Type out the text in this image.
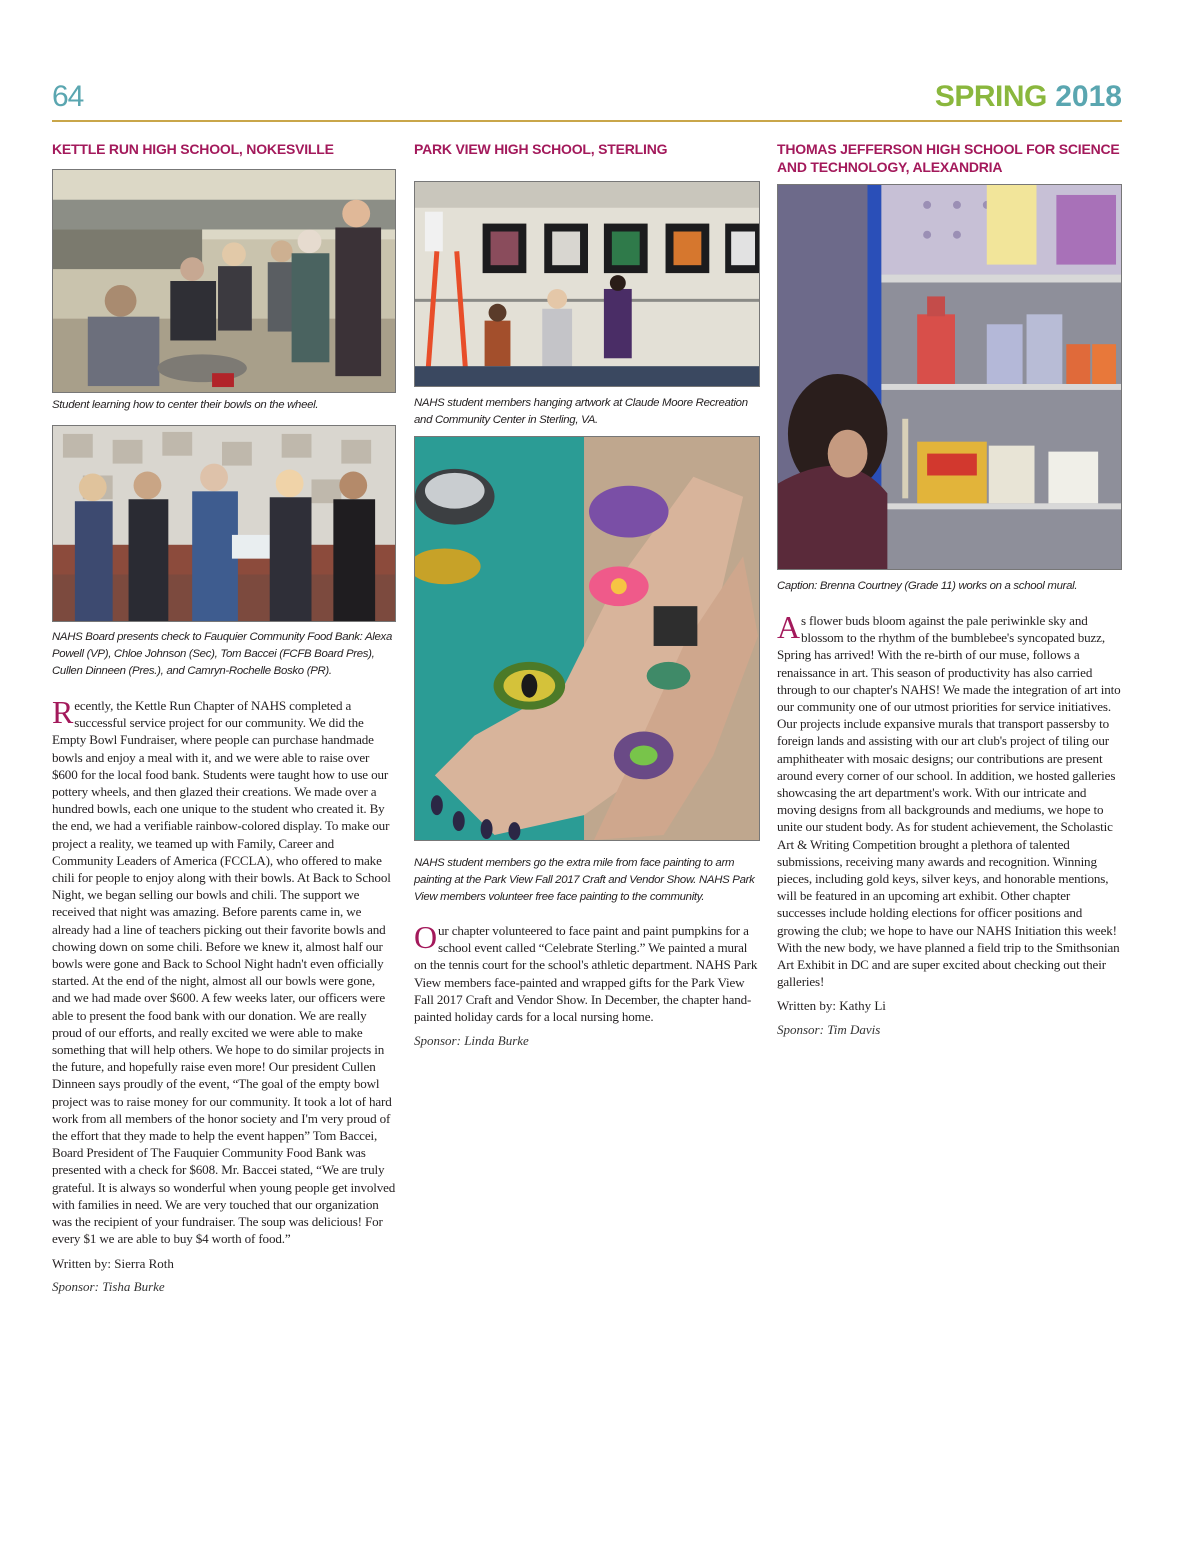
64	SPRING 2018
KETTLE RUN HIGH SCHOOL, NOKESVILLE

Student learning how to center their bowls on the wheel.

NAHS Board presents check to Fauquier Community Food Bank: Alexa Powell (VP), Chloe Johnson (Sec), Tom Baccei (FCFB Board Pres), Cullen Dinneen (Pres.), and Camryn-Rochelle Bosko (PR).

Recently, the Kettle Run Chapter of NAHS completed a successful service project for our community. We did the Empty Bowl Fundraiser, where people can purchase handmade bowls and enjoy a meal with it, and we were able to raise over $600 for the local food bank. Students were taught how to use our pottery wheels, and then glazed their creations. We made over a hundred bowls, each one unique to the student who created it. By the end, we had a verifiable rainbow-colored display. To make our project a reality, we teamed up with Family, Career and Community Leaders of America (FCCLA), who offered to make chili for people to enjoy along with their bowls. At Back to School Night, we began selling our bowls and chili. The support we received that night was amazing. Before parents came in, we already had a line of teachers picking out their favorite bowls and chowing down on some chili. Before we knew it, almost half our bowls were gone and Back to School Night hadn't even officially started. At the end of the night, almost all our bowls were gone, and we had made over $600. A few weeks later, our officers were able to present the food bank with our donation. We are really proud of our efforts, and really excited we were able to make something that will help others. We hope to do similar projects in the future, and hopefully raise even more! Our president Cullen Dinneen says proudly of the event, “The goal of the empty bowl project was to raise money for our community. It took a lot of hard work from all members of the honor society and I'm very proud of the effort that they made to help the event happen” Tom Baccei, Board President of The Fauquier Community Food Bank was presented with a check for $608. Mr. Baccei stated, “We are truly grateful. It is always so wonderful when young people get involved with families in need. We are very touched that our organization was the recipient of your fundraiser. The soup was delicious! For every $1 we are able to buy $4 worth of food.”

Written by: Sierra Roth

Sponsor: Tisha Burke

PARK VIEW HIGH SCHOOL, STERLING

NAHS student members hanging artwork at Claude Moore Recreation and Community Center in Sterling, VA.

NAHS student members go the extra mile from face painting to arm painting at the Park View Fall 2017 Craft and Vendor Show. NAHS Park View members volunteer free face painting to the community.

Our chapter volunteered to face paint and paint pumpkins for a school event called “Celebrate Sterling.” We painted a mural on the tennis court for the school's athletic department. NAHS Park View members face-painted and wrapped gifts for the Park View Fall 2017 Craft and Vendor Show. In December, the chapter hand-painted holiday cards for a local nursing home.

Sponsor: Linda Burke

THOMAS JEFFERSON HIGH SCHOOL FOR SCIENCE AND TECHNOLOGY, ALEXANDRIA

Caption: Brenna Courtney (Grade 11) works on a school mural.

As flower buds bloom against the pale periwinkle sky and blossom to the rhythm of the bumblebee's syncopated buzz, Spring has arrived! With the re-birth of our muse, follows a renaissance in art. This season of productivity has also carried through to our chapter's NAHS! We made the integration of art into our community one of our utmost priorities for service initiatives. Our projects include expansive murals that transport passersby to foreign lands and assisting with our art club's project of tiling our amphitheater with mosaic designs; our contributions are present around every corner of our school. In addition, we hosted galleries showcasing the art department's work. With our intricate and moving designs from all backgrounds and mediums, we hope to unite our student body. As for student achievement, the Scholastic Art & Writing Competition brought a plethora of talented submissions, receiving many awards and recognition. Winning pieces, including gold keys, silver keys, and honorable mentions, will be featured in an upcoming art exhibit. Other chapter successes include holding elections for officer positions and growing the club; we hope to have our NAHS Initiation this week! With the new body, we have planned a field trip to the Smithsonian Art Exhibit in DC and are super excited about checking out their galleries!

Written by: Kathy Li

Sponsor: Tim Davis
